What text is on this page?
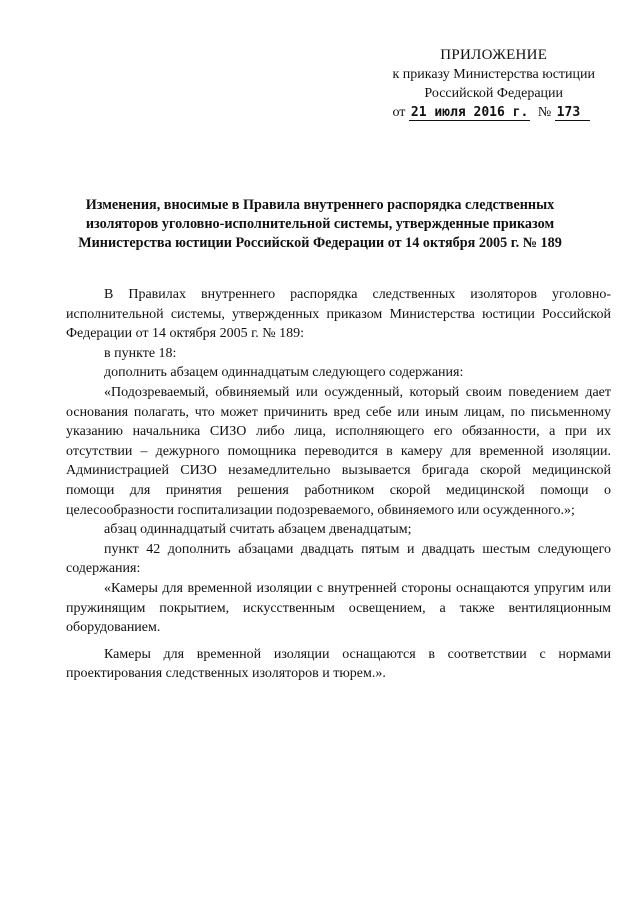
ПРИЛОЖЕНИЕ
к приказу Министерства юстиции
Российской Федерации
от 21 июля 2016 г. № 173
Изменения, вносимые в Правила внутреннего распорядка следственных изоляторов уголовно-исполнительной системы, утвержденные приказом Министерства юстиции Российской Федерации от 14 октября 2005 г. № 189

В Правилах внутреннего распорядка следственных изоляторов уголовно-исполнительной системы, утвержденных приказом Министерства юстиции Российской Федерации от 14 октября 2005 г. № 189:

в пункте 18:

дополнить абзацем одиннадцатым следующего содержания:

«Подозреваемый, обвиняемый или осужденный, который своим поведением дает основания полагать, что может причинить вред себе или иным лицам, по письменному указанию начальника СИЗО либо лица, исполняющего его обязанности, а при их отсутствии – дежурного помощника переводится в камеру для временной изоляции. Администрацией СИЗО незамедлительно вызывается бригада скорой медицинской помощи для принятия решения работником скорой медицинской помощи о целесообразности госпитализации подозреваемого, обвиняемого или осужденного.»;

абзац одиннадцатый считать абзацем двенадцатым;

пункт 42 дополнить абзацами двадцать пятым и двадцать шестым следующего содержания:

«Камеры для временной изоляции с внутренней стороны оснащаются упругим или пружинящим покрытием, искусственным освещением, а также вентиляционным оборудованием.

Камеры для временной изоляции оснащаются в соответствии с нормами проектирования следственных изоляторов и тюрем.».
